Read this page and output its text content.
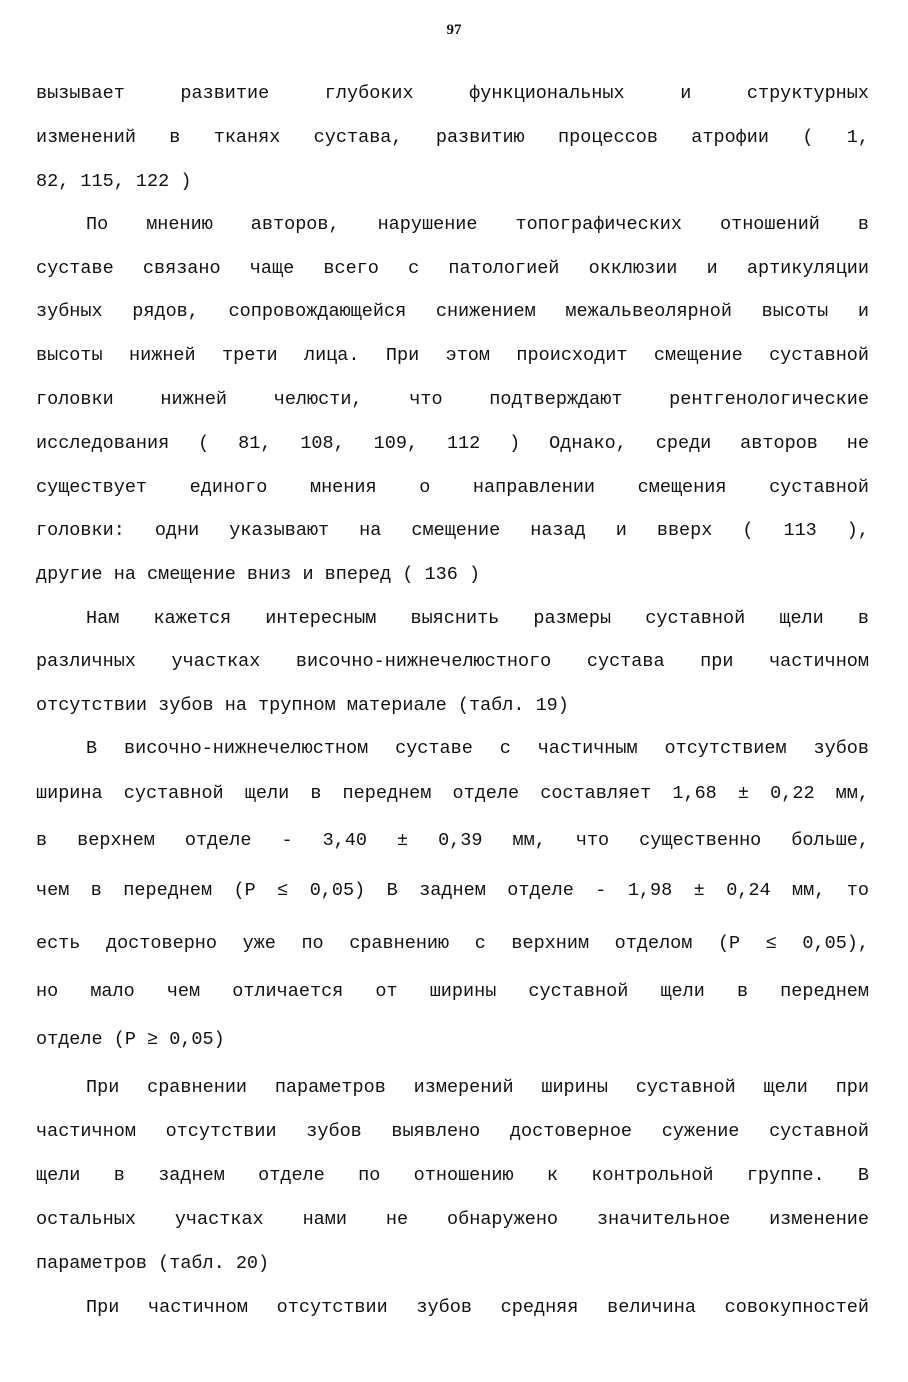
97
вызывает развитие глубоких функциональных и структурных
изменений в тканях сустава, развитию процессов атрофии ( 1,
82, 115, 122 )
По мнению авторов, нарушение топографических отношений в
суставе связано чаще всего с патологией окклюзии и артикуляции
зубных рядов, сопровождающейся снижением межальвеолярной высоты и
высоты нижней трети лица. При этом происходит смещение суставной
головки нижней челюсти, что подтверждают рентгенологические
исследования ( 81, 108, 109, 112 ) Однако, среди авторов не
существует единого мнения о направлении смещения суставной
головки: одни указывают на смещение назад и вверх ( 113 ),
другие на смещение вниз и вперед ( 136 )
Нам кажется интересным выяснить размеры суставной щели в
различных участках височно-нижнечелюстного сустава при частичном
отсутствии зубов на трупном материале (табл. 19)
В височно-нижнечелюстном суставе с частичным отсутствием зубов
ширина суставной щели в переднем отделе составляет 1,68 ± 0,22 мм,
в верхнем отделе - 3,40 ± 0,39 мм, что существенно больше,
чем в переднем (P ≤ 0,05) В заднем отделе - 1,98 ± 0,24 мм, то
есть достоверно уже по сравнению с верхним отделом (P ≤ 0,05),
но мало чем отличается от ширины суставной щели в переднем
отделе (P ≥ 0,05)
При сравнении параметров измерений ширины суставной щели при
частичном отсутствии зубов выявлено достоверное сужение суставной
щели в заднем отделе по отношению к контрольной группе. В
остальных участках нами не обнаружено значительное изменение
параметров (табл. 20)
При частичном отсутствии зубов средняя величина совокупностей
